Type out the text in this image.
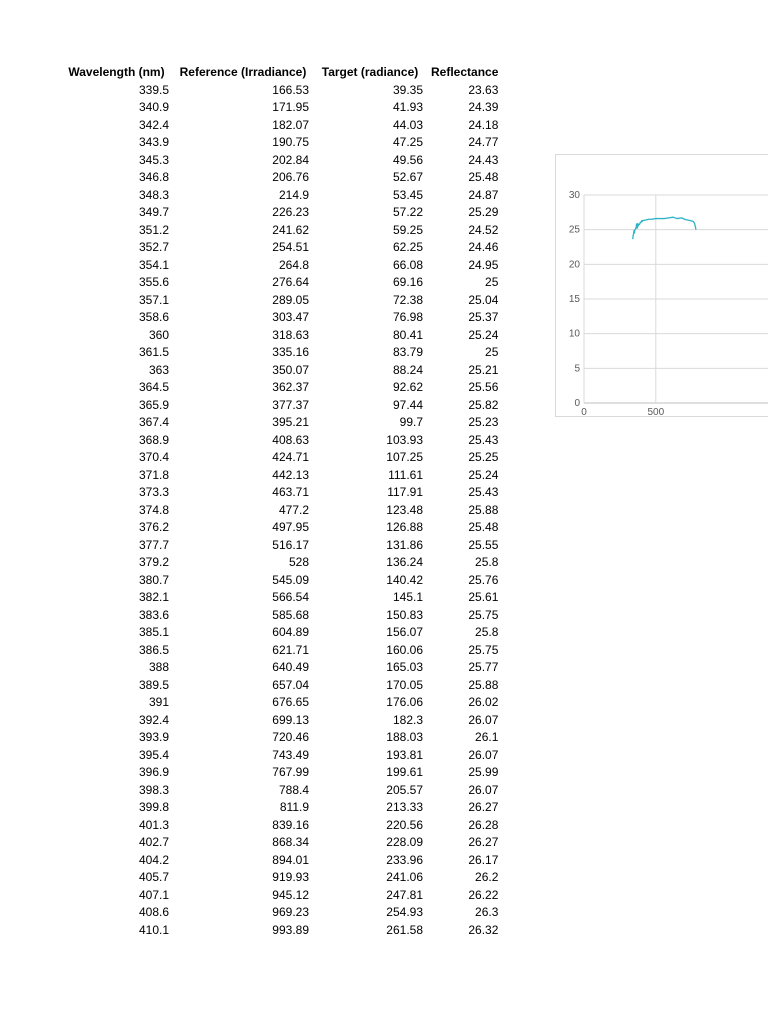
Wavelength (nm)	Reference (Irradiance)	Target (radiance)	Reflectance
339.5	166.53	39.35	23.63
340.9	171.95	41.93	24.39
342.4	182.07	44.03	24.18
343.9	190.75	47.25	24.77
345.3	202.84	49.56	24.43
346.8	206.76	52.67	25.48
348.3	214.9	53.45	24.87
349.7	226.23	57.22	25.29
351.2	241.62	59.25	24.52
352.7	254.51	62.25	24.46
354.1	264.8	66.08	24.95
355.6	276.64	69.16	25
357.1	289.05	72.38	25.04
358.6	303.47	76.98	25.37
360	318.63	80.41	25.24
361.5	335.16	83.79	25
363	350.07	88.24	25.21
364.5	362.37	92.62	25.56
365.9	377.37	97.44	25.82
367.4	395.21	99.7	25.23
368.9	408.63	103.93	25.43
370.4	424.71	107.25	25.25
371.8	442.13	111.61	25.24
373.3	463.71	117.91	25.43
374.8	477.2	123.48	25.88
376.2	497.95	126.88	25.48
377.7	516.17	131.86	25.55
379.2	528	136.24	25.8
380.7	545.09	140.42	25.76
382.1	566.54	145.1	25.61
383.6	585.68	150.83	25.75
385.1	604.89	156.07	25.8
386.5	621.71	160.06	25.75
388	640.49	165.03	25.77
389.5	657.04	170.05	25.88
391	676.65	176.06	26.02
392.4	699.13	182.3	26.07
393.9	720.46	188.03	26.1
395.4	743.49	193.81	26.07
396.9	767.99	199.61	25.99
398.3	788.4	205.57	26.07
399.8	811.9	213.33	26.27
401.3	839.16	220.56	26.28
402.7	868.34	228.09	26.27
404.2	894.01	233.96	26.17
405.7	919.93	241.06	26.2
407.1	945.12	247.81	26.22
408.6	969.23	254.93	26.3
410.1	993.89	261.58	26.32
0
5
10
15
20
25
30
0	500
